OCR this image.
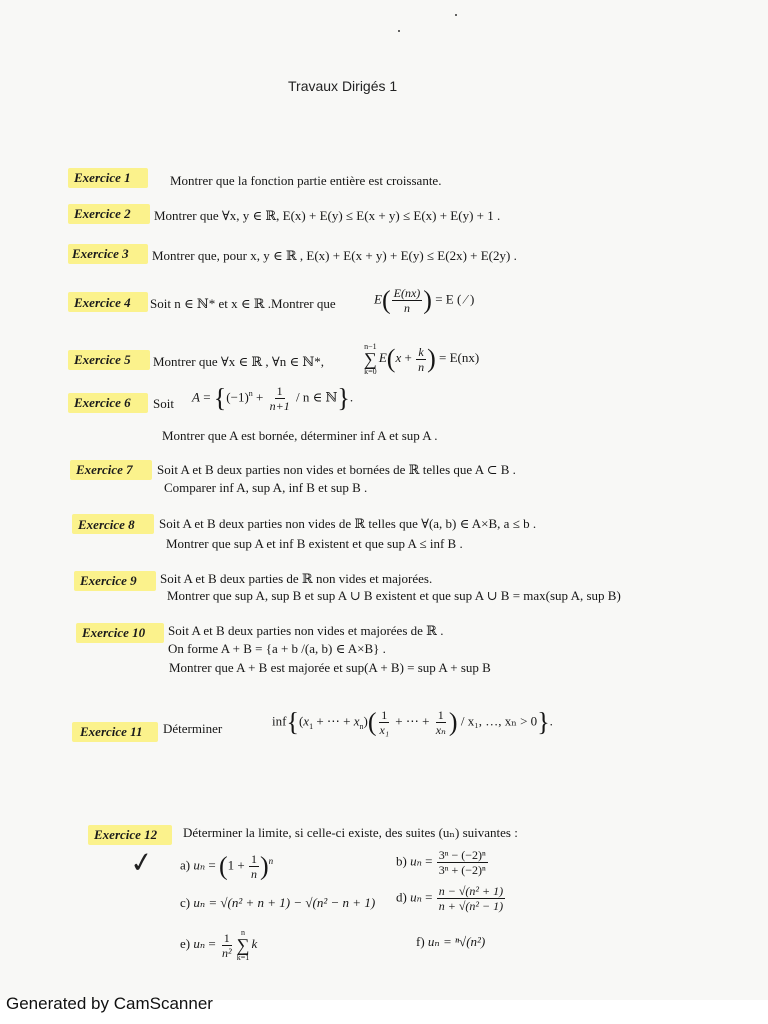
Travaux Dirigés 1
Exercice 1	Montrer que la fonction partie entière est croissante.
Exercice 2 Montrer que ∀x, y ∈ ℝ, E(x) + E(y) ≤ E(x + y) ≤ E(x) + E(y) + 1 .
Exercice 3 Montrer que, pour x, y ∈ ℝ , E(x) + E(x + y) + E(y) ≤ E(2x) + E(2y) .
Exercice 4 Soit n ∈ ℕ* et x ∈ ℝ .Montrer que	$E( \frac{E(nx)}{n}$ ) = E ( ⁄ )
Exercice 5 Montrer que ∀x ∈ ℝ , ∀n ∈ ℕ*,
n−1
∑
k=0
$E(x + \frac{k}{n}$ ) = E(nx)
Exercice 6 Soit $A = \{(-1)^n + \frac{1}{n+1} / n$ ∈ ℕ}.
Montrer que A est bornée, déterminer inf A et sup A .
Exercice 7 Soit A et B deux parties non vides et bornées de ℝ telles que A ⊂ B .
Comparer inf A, sup A, inf B et sup B .
Exercice 8 Soit A et B deux parties non vides de ℝ telles que ∀(a, b) ∈ A×B, a ≤ b .
Montrer que sup A et inf B existent et que sup A ≤ inf B .
Exercice 9 Soit A et B deux parties de ℝ non vides et majorées.
Montrer que sup A, sup B et sup A ∪ B existent et que sup A ∪ B = max(sup A, sup B)
Exercice 10 Soit A et B deux parties non vides et majorées de ℝ .
On forme A + B = {a + b /(a, b) ∈ A×B} .
Montrer que A + B est majorée et sup(A + B) = sup A + sup B
Exercice 11 Déterminer
$inf\{(x_1$ + ⋯ + $x_n)( \frac{1}{\text{x₁}}$ + ⋯ + $\frac{1}{\text{xₙ}}$ ) / x₁, …, xₙ > 0}.
Exercice 12 Déterminer la limite, si celle-ci existe, des suites (uₙ) suivantes :
✓ a) $u_n = (1 + \frac{1}{n} )^n$	b) $u_n = \frac{\text{3ⁿ − (−2)ⁿ}}{\text{3ⁿ + (−2)ⁿ}}$
c) uₙ = √(n² + n + 1) − √(n² − n + 1) d) $u_n = \frac{\text{n − √(n² + 1)}}{\text{n + √(n² − 1)}}$
e) $u_n = \frac{1}{\text{n²}}$ n
∑
k=1
k	f) uₙ = ⁿ√(n²)
Generated by CamScanner
